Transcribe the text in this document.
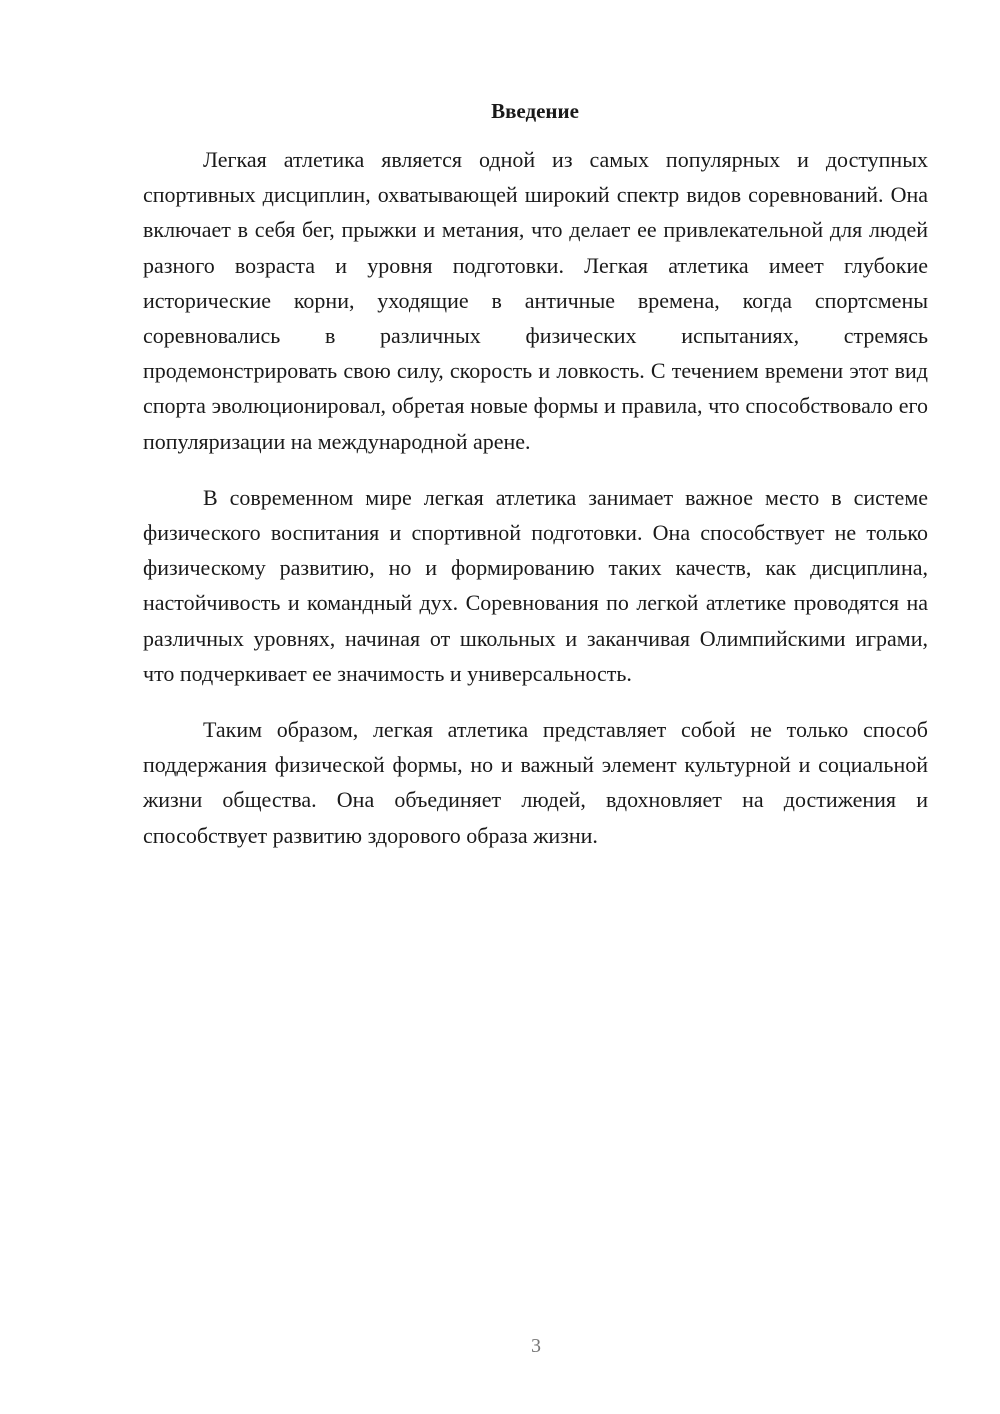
Введение

Легкая атлетика является одной из самых популярных и доступных спортивных дисциплин, охватывающей широкий спектр видов соревнований. Она включает в себя бег, прыжки и метания, что делает ее привлекательной для людей разного возраста и уровня подготовки. Легкая атлетика имеет глубокие исторические корни, уходящие в античные времена, когда спортсмены соревновались в различных физических испытаниях, стремясь продемонстрировать свою силу, скорость и ловкость. С течением времени этот вид спорта эволюционировал, обретая новые формы и правила, что способствовало его популяризации на международной арене.

В современном мире легкая атлетика занимает важное место в системе физического воспитания и спортивной подготовки. Она способствует не только физическому развитию, но и формированию таких качеств, как дисциплина, настойчивость и командный дух. Соревнования по легкой атлетике проводятся на различных уровнях, начиная от школьных и заканчивая Олимпийскими играми, что подчеркивает ее значимость и универсальность.

Таким образом, легкая атлетика представляет собой не только способ поддержания физической формы, но и важный элемент культурной и социальной жизни общества. Она объединяет людей, вдохновляет на достижения и способствует развитию здорового образа жизни.

3
